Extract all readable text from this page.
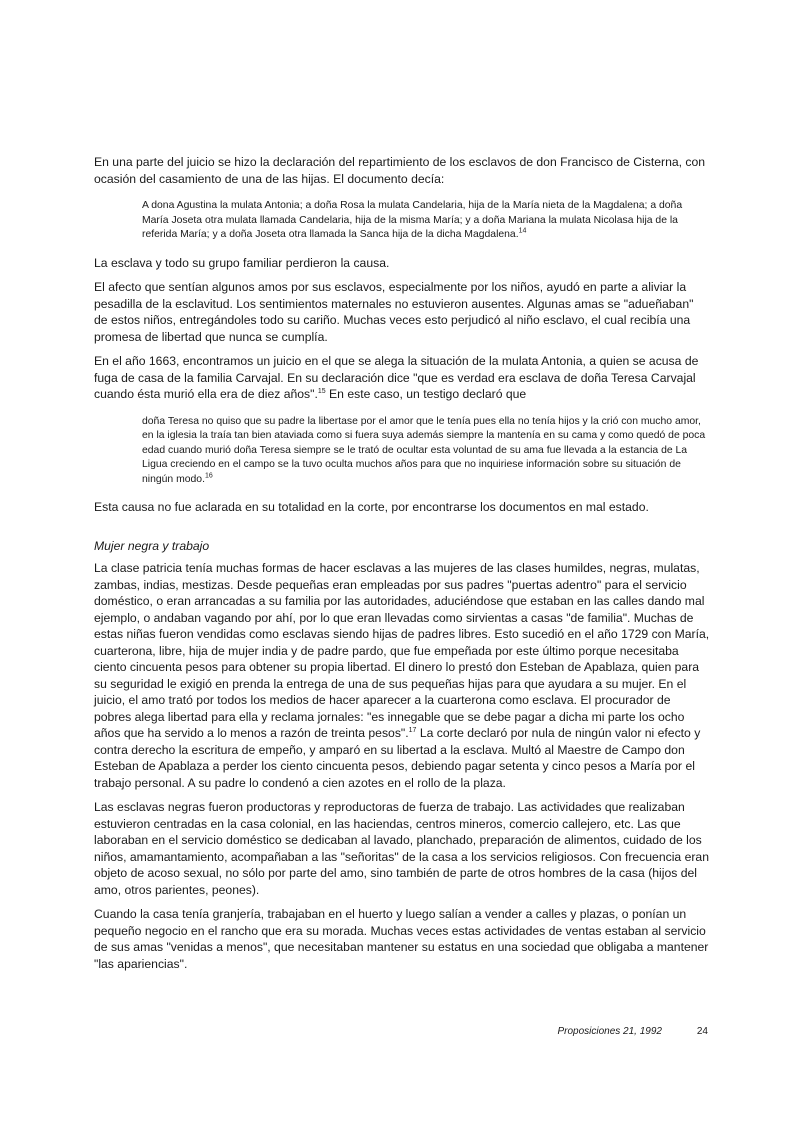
En una parte del juicio se hizo la declaración del repartimiento de los esclavos de don Francisco de Cisterna, con ocasión del casamiento de una de las hijas. El documento decía:

A dona Agustina la mulata Antonia; a doña Rosa la mulata Candelaria, hija de la María nieta de la Magdalena; a doña María Joseta otra mulata llamada Candelaria, hija de la misma María; y a doña Mariana la mulata Nicolasa hija de la referida María; y a doña Joseta otra llamada la Sanca hija de la dicha Magdalena.$^{14}$

La esclava y todo su grupo familiar perdieron la causa.

El afecto que sentían algunos amos por sus esclavos, especialmente por los niños, ayudó en parte a aliviar la pesadilla de la esclavitud. Los sentimientos maternales no estuvieron ausentes. Algunas amas se "adueñaban" de estos niños, entregándoles todo su cariño. Muchas veces esto perjudicó al niño esclavo, el cual recibía una promesa de libertad que nunca se cumplía.

En el año 1663, encontramos un juicio en el que se alega la situación de la mulata Antonia, a quien se acusa de fuga de casa de la familia Carvajal. En su declaración dice "que es verdad era esclava de doña Teresa Carvajal cuando ésta murió ella era de diez años".$^{15}$ En este caso, un testigo declaró que

doña Teresa no quiso que su padre la libertase por el amor que le tenía pues ella no tenía hijos y la crió con mucho amor, en la iglesia la traía tan bien ataviada como si fuera suya además siempre la mantenía en su cama y como quedó de poca edad cuando murió doña Teresa siempre se le trató de ocultar esta voluntad de su ama fue llevada a la estancia de La Ligua creciendo en el campo se la tuvo oculta muchos años para que no inquiriese información sobre su situación de ningún modo.$^{16}$

Esta causa no fue aclarada en su totalidad en la corte, por encontrarse los documentos en mal estado.

Mujer negra y trabajo

La clase patricia tenía muchas formas de hacer esclavas a las mujeres de las clases humildes, negras, mulatas, zambas, indias, mestizas. Desde pequeñas eran empleadas por sus padres "puertas adentro" para el servicio doméstico, o eran arrancadas a su familia por las autoridades, aduciéndose que estaban en las calles dando mal ejemplo, o andaban vagando por ahí, por lo que eran llevadas como sirvientas a casas "de familia". Muchas de estas niñas fueron vendidas como esclavas siendo hijas de padres libres. Esto sucedió en el año 1729 con María, cuarterona, libre, hija de mujer india y de padre pardo, que fue empeñada por este último porque necesitaba ciento cincuenta pesos para obtener su propia libertad. El dinero lo prestó don Esteban de Apablaza, quien para su seguridad le exigió en prenda la entrega de una de sus pequeñas hijas para que ayudara a su mujer. En el juicio, el amo trató por todos los medios de hacer aparecer a la cuarterona como esclava. El procurador de pobres alega libertad para ella y reclama jornales: "es innegable que se debe pagar a dicha mi parte los ocho años que ha servido a lo menos a razón de treinta pesos".$^{17}$ La corte declaró por nula de ningún valor ni efecto y contra derecho la escritura de empeño, y amparó en su libertad a la esclava. Multó al Maestre de Campo don Esteban de Apablaza a perder los ciento cincuenta pesos, debiendo pagar setenta y cinco pesos a María por el trabajo personal. A su padre lo condenó a cien azotes en el rollo de la plaza.

Las esclavas negras fueron productoras y reproductoras de fuerza de trabajo. Las actividades que realizaban estuvieron centradas en la casa colonial, en las haciendas, centros mineros, comercio callejero, etc. Las que laboraban en el servicio doméstico se dedicaban al lavado, planchado, preparación de alimentos, cuidado de los niños, amamantamiento, acompañaban a las "señoritas" de la casa a los servicios religiosos. Con frecuencia eran objeto de acoso sexual, no sólo por parte del amo, sino también de parte de otros hombres de la casa (hijos del amo, otros parientes, peones).

Cuando la casa tenía granjería, trabajaban en el huerto y luego salían a vender a calles y plazas, o ponían un pequeño negocio en el rancho que era su morada. Muchas veces estas actividades de ventas estaban al servicio de sus amas "venidas a menos", que necesitaban mantener su estatus en una sociedad que obligaba a mantener "las apariencias".

Proposiciones 21, 1992	24
